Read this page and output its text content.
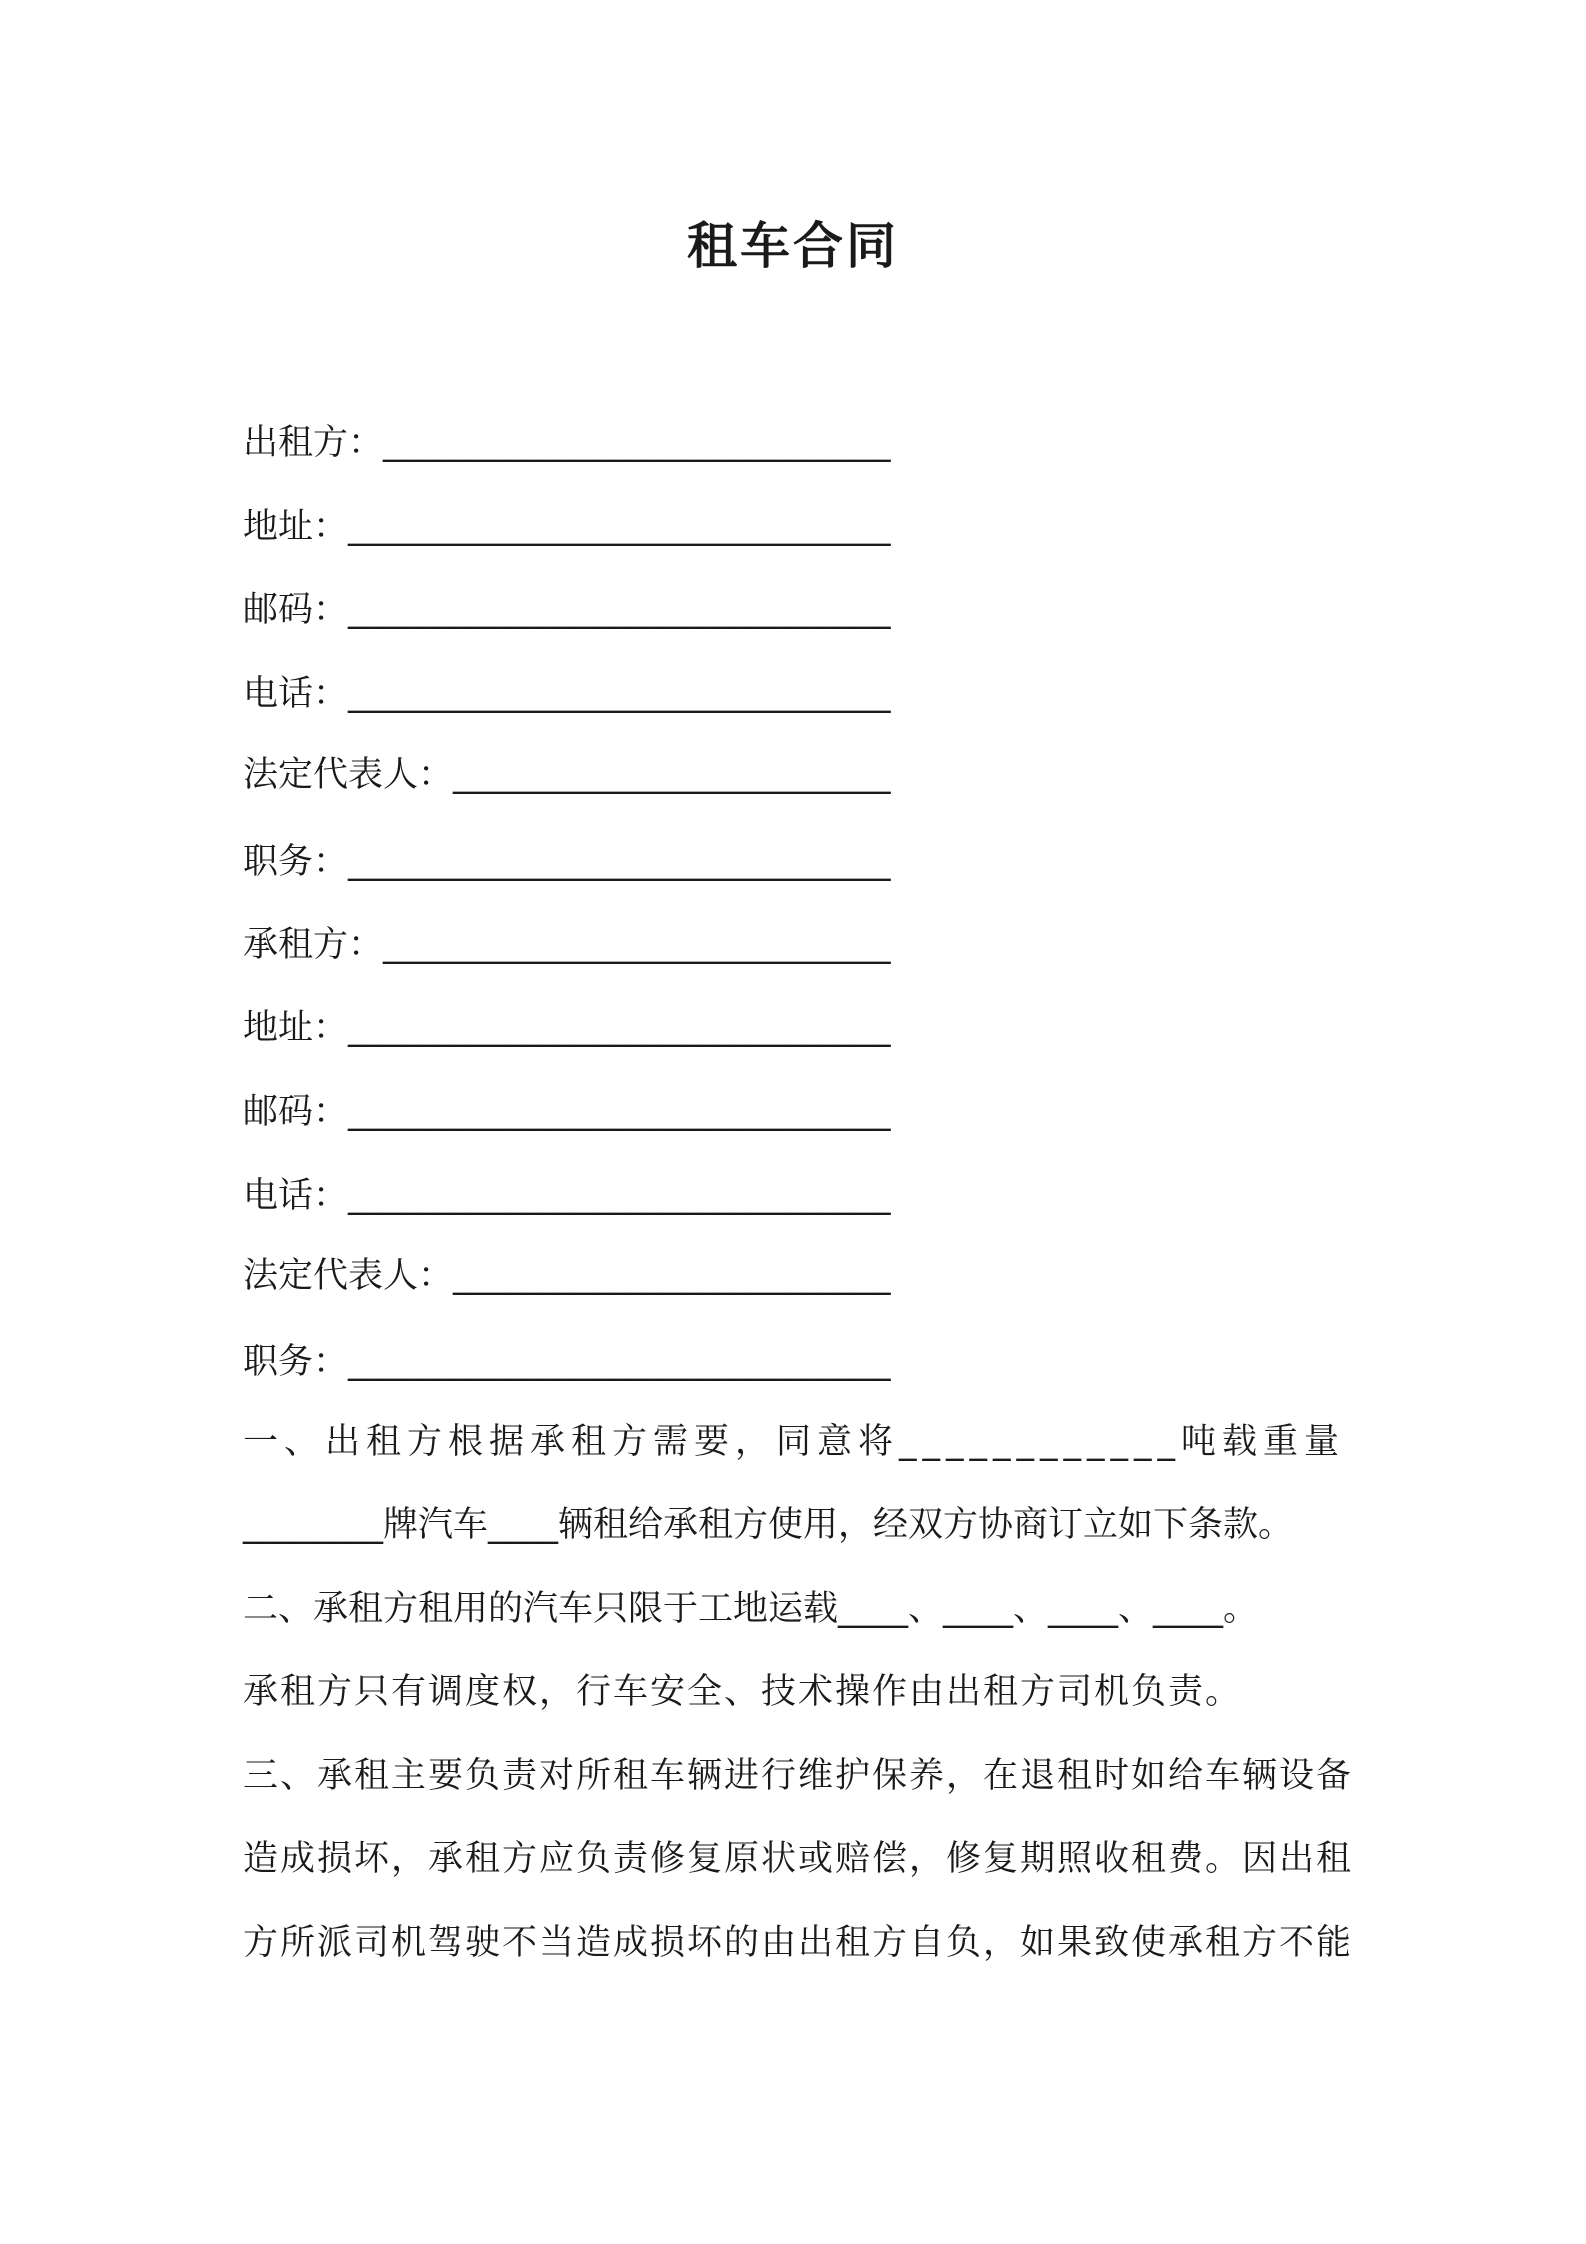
租车合同
出租方：_____________________________
地址：_______________________________
邮码：_______________________________
电话：_______________________________
法定代表人：_________________________
职务：_______________________________
承租方：_____________________________
地址：_______________________________
邮码：_______________________________
电话：_______________________________
法定代表人：_________________________
职务：_______________________________
一、出租方根据承租方需要，同意将____________吨载重量
________牌汽车____辆租给承租方使用，经双方协商订立如下条款。
二、承租方租用的汽车只限于工地运载____、____、____、____。
承租方只有调度权，行车安全、技术操作由出租方司机负责。
三、承租主要负责对所租车辆进行维护保养，在退租时如给车辆设备
造成损坏，承租方应负责修复原状或赔偿，修复期照收租费。因出租
方所派司机驾驶不当造成损坏的由出租方自负，如果致使承租方不能
